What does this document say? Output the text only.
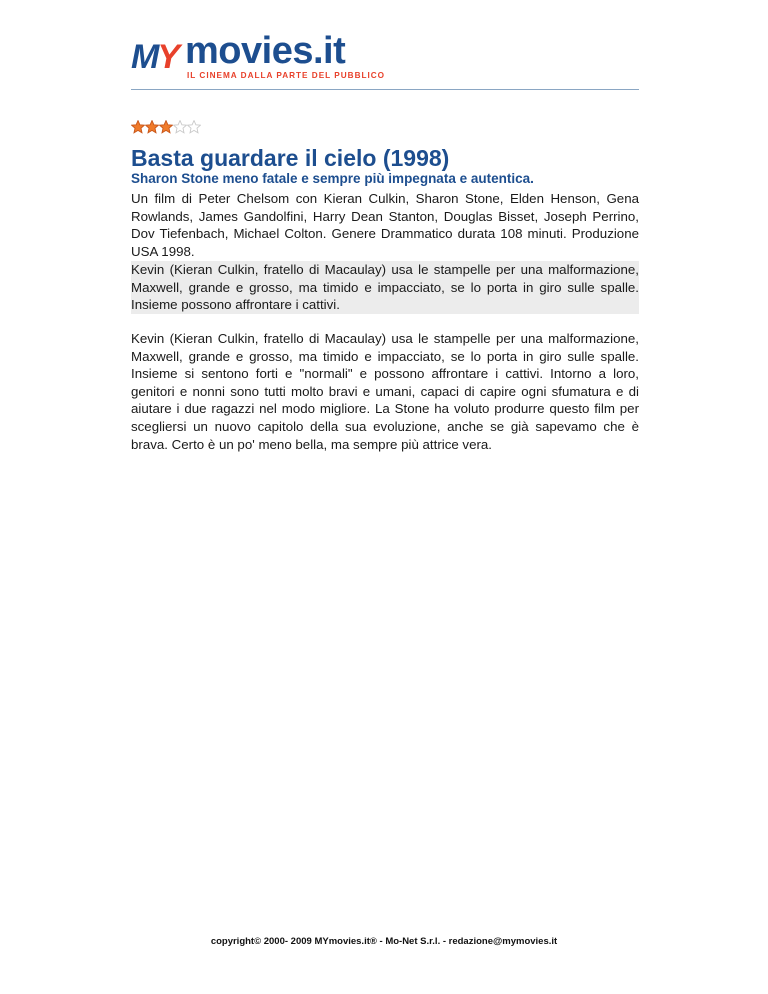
MY movies.it
IL CINEMA DALLA PARTE DEL PUBBLICO
Basta guardare il cielo (1998)
Sharon Stone meno fatale e sempre più impegnata e autentica.
Un film di Peter Chelsom con Kieran Culkin, Sharon Stone, Elden Henson, Gena Rowlands, James Gandolfini, Harry Dean Stanton, Douglas Bisset, Joseph Perrino, Dov Tiefenbach, Michael Colton. Genere Drammatico durata 108 minuti. Produzione USA 1998.
Kevin (Kieran Culkin, fratello di Macaulay) usa le stampelle per una malformazione, Maxwell, grande e grosso, ma timido e impacciato, se lo porta in giro sulle spalle. Insieme possono affrontare i cattivi.
Kevin (Kieran Culkin, fratello di Macaulay) usa le stampelle per una malformazione, Maxwell, grande e grosso, ma timido e impacciato, se lo porta in giro sulle spalle. Insieme si sentono forti e "normali" e possono affrontare i cattivi. Intorno a loro, genitori e nonni sono tutti molto bravi e umani, capaci di capire ogni sfumatura e di aiutare i due ragazzi nel modo migliore. La Stone ha voluto produrre questo film per scegliersi un nuovo capitolo della sua evoluzione, anche se già sapevamo che è brava. Certo è un po' meno bella, ma sempre più attrice vera.
copyright© 2000- 2009 MYmovies.it® - Mo-Net S.r.l. - redazione@mymovies.it
